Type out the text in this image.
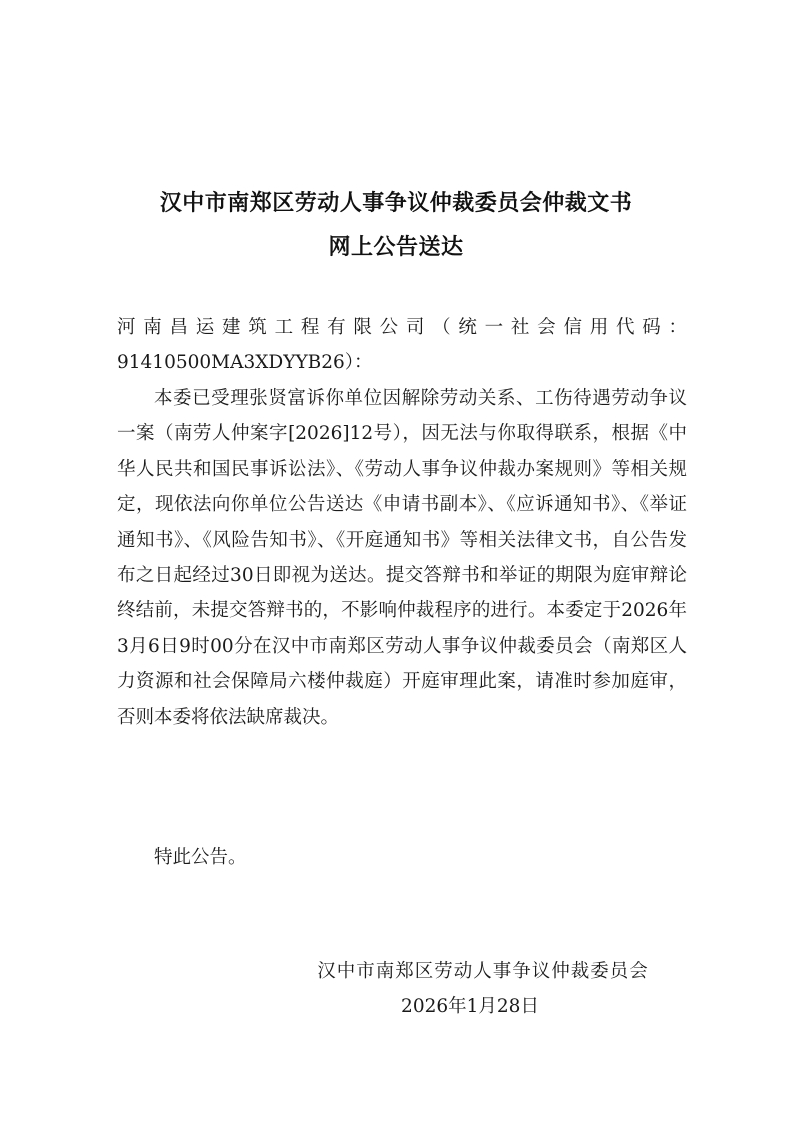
汉中市南郑区劳动人事争议仲裁委员会仲裁文书
网上公告送达

河南昌运建筑工程有限公司（统一社会信用代码：91410500MA3XDYYB26）：

本委已受理张贤富诉你单位因解除劳动关系、工伤待遇劳动争议一案（南劳人仲案字[2026]12号），因无法与你取得联系，根据《中华人民共和国民事诉讼法》、《劳动人事争议仲裁办案规则》等相关规定，现依法向你单位公告送达《申请书副本》、《应诉通知书》、《举证通知书》、《风险告知书》、《开庭通知书》等相关法律文书，自公告发布之日起经过30日即视为送达。提交答辩书和举证的期限为庭审辩论终结前，未提交答辩书的，不影响仲裁程序的进行。本委定于2026年3月6日9时00分在汉中市南郑区劳动人事争议仲裁委员会（南郑区人力资源和社会保障局六楼仲裁庭）开庭审理此案，请准时参加庭审，否则本委将依法缺席裁决。

特此公告。

汉中市南郑区劳动人事争议仲裁委员会

2026年1月28日
